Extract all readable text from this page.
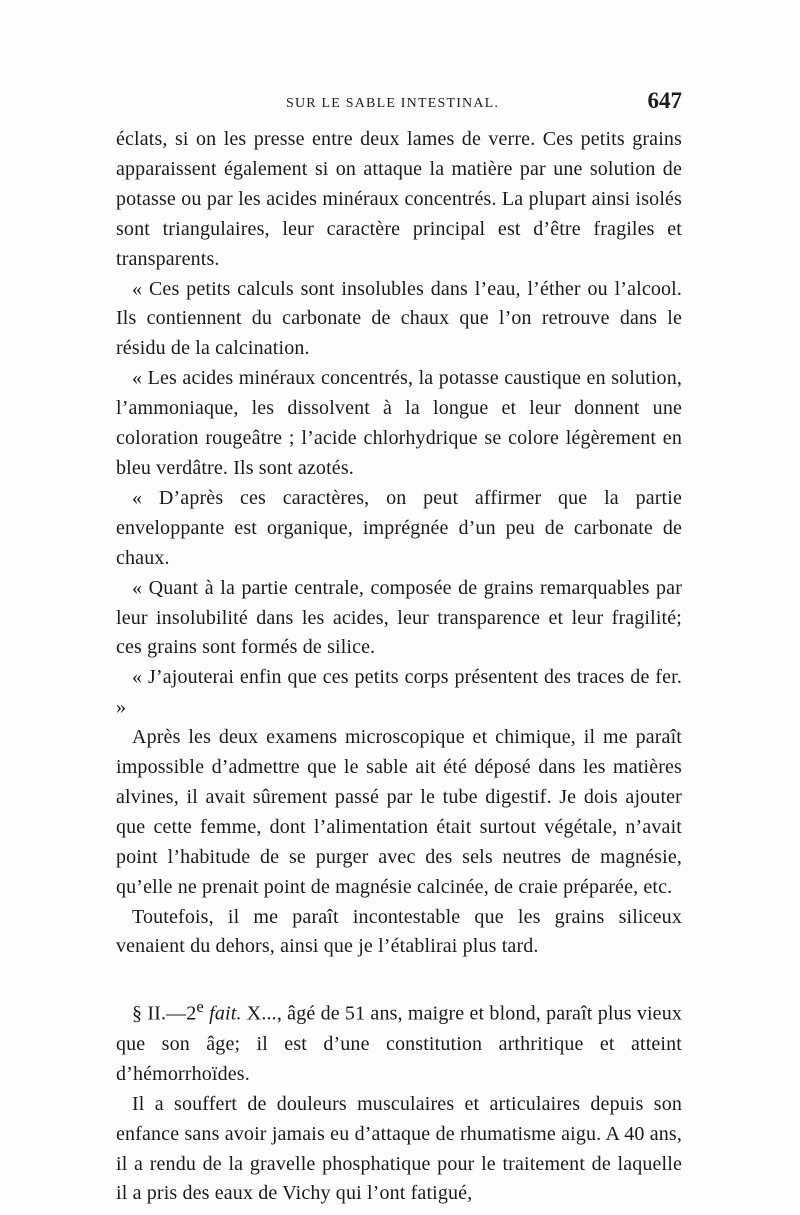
SUR LE SABLE INTESTINAL.	647

éclats, si on les presse entre deux lames de verre. Ces petits grains apparaissent également si on attaque la matière par une solution de potasse ou par les acides minéraux concentrés. La plupart ainsi isolés sont triangulaires, leur caractère principal est d’être fragiles et transparents.

« Ces petits calculs sont insolubles dans l’eau, l’éther ou l’alcool. Ils contiennent du carbonate de chaux que l’on retrouve dans le résidu de la calcination.

« Les acides minéraux concentrés, la potasse caustique en solution, l’ammoniaque, les dissolvent à la longue et leur donnent une coloration rougeâtre ; l’acide chlorhydrique se colore légèrement en bleu verdâtre. Ils sont azotés.

« D’après ces caractères, on peut affirmer que la partie enveloppante est organique, imprégnée d’un peu de carbonate de chaux.

« Quant à la partie centrale, composée de grains remarquables par leur insolubilité dans les acides, leur transparence et leur fragilité; ces grains sont formés de silice.

« J’ajouterai enfin que ces petits corps présentent des traces de fer. »

Après les deux examens microscopique et chimique, il me paraît impossible d’admettre que le sable ait été déposé dans les matières alvines, il avait sûrement passé par le tube digestif. Je dois ajouter que cette femme, dont l’alimentation était surtout végétale, n’avait point l’habitude de se purger avec des sels neutres de magnésie, qu’elle ne prenait point de magnésie calcinée, de craie préparée, etc.

Toutefois, il me paraît incontestable que les grains siliceux venaient du dehors, ainsi que je l’établirai plus tard.

§ II.—2e fait. X..., âgé de 51 ans, maigre et blond, paraît plus vieux que son âge; il est d’une constitution arthritique et atteint d’hémorrhoïdes.

Il a souffert de douleurs musculaires et articulaires depuis son enfance sans avoir jamais eu d’attaque de rhumatisme aigu. A 40 ans, il a rendu de la gravelle phosphatique pour le traitement de laquelle il a pris des eaux de Vichy qui l’ont fatigué,
